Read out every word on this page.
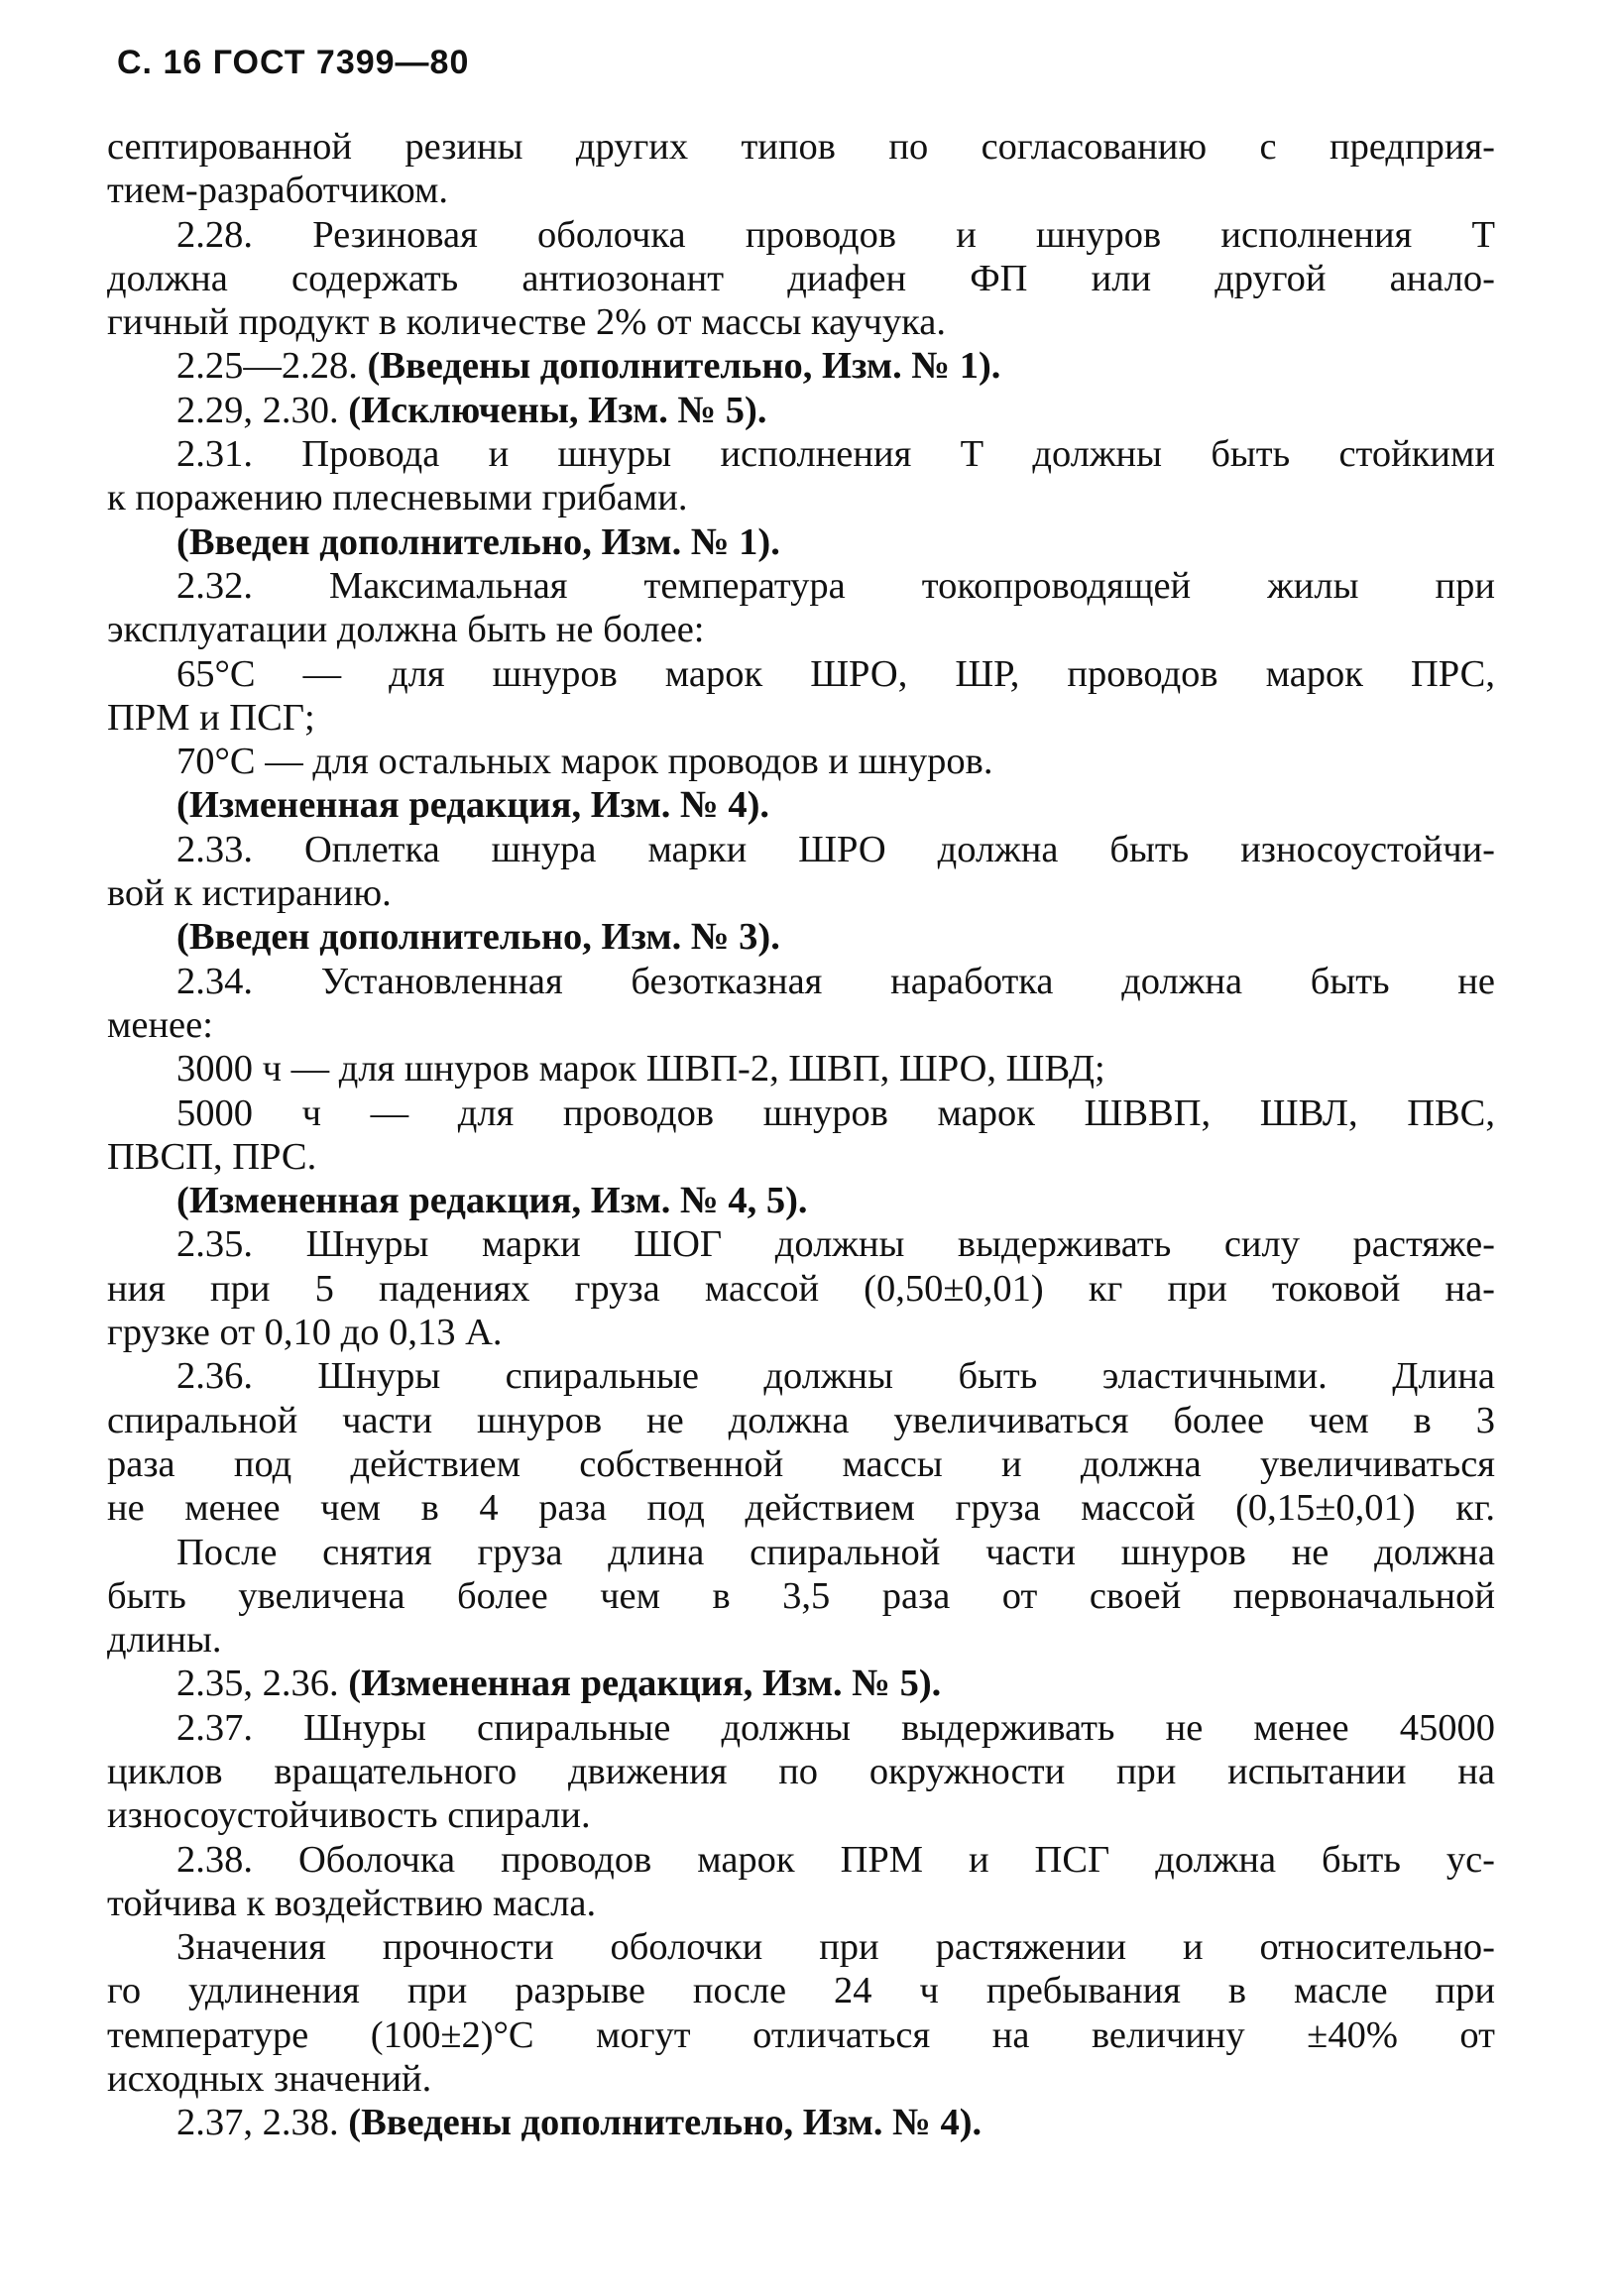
С. 16 ГОСТ 7399—80
септированной резины других типов по согласованию с предприя-
тием-разработчиком.
2.28. Резиновая оболочка проводов и шнуров исполнения Т
должна содержать антиозонант диафен ФП или другой анало-
гичный продукт в количестве 2% от массы каучука.
2.25—2.28. (Введены дополнительно, Изм. № 1).
2.29, 2.30. (Исключены, Изм. № 5).
2.31. Провода и шнуры исполнения Т должны быть стойкими
к поражению плесневыми грибами.
(Введен дополнительно, Изм. № 1).
2.32. Максимальная температура токопроводящей жилы при
эксплуатации должна быть не более:
65°С — для шнуров марок ШРО, ШР, проводов марок ПРС,
ПРМ и ПСГ;
70°С — для остальных марок проводов и шнуров.
(Измененная редакция, Изм. № 4).
2.33. Оплетка шнура марки ШРО должна быть износоустойчи-
вой к истиранию.
(Введен дополнительно, Изм. № 3).
2.34. Установленная безотказная наработка должна быть не
менее:
3000 ч — для шнуров марок ШВП-2, ШВП, ШРО, ШВД;
5000 ч — для проводов шнуров марок ШВВП, ШВЛ, ПВС,
ПВСП, ПРС.
(Измененная редакция, Изм. № 4, 5).
2.35. Шнуры марки ШОГ должны выдерживать силу растяже-
ния при 5 падениях груза массой (0,50±0,01) кг при токовой на-
грузке от 0,10 до 0,13 А.
2.36. Шнуры спиральные должны быть эластичными. Длина
спиральной части шнуров не должна увеличиваться более чем в 3
раза под действием собственной массы и должна увеличиваться
не менее чем в 4 раза под действием груза массой (0,15±0,01) кг.
После снятия груза длина спиральной части шнуров не должна
быть увеличена более чем в 3,5 раза от своей первоначальной
длины.
2.35, 2.36. (Измененная редакция, Изм. № 5).
2.37. Шнуры спиральные должны выдерживать не менее 45000
циклов вращательного движения по окружности при испытании на
износоустойчивость спирали.
2.38. Оболочка проводов марок ПРМ и ПСГ должна быть ус-
тойчива к воздействию масла.
Значения прочности оболочки при растяжении и относительно-
го удлинения при разрыве после 24 ч пребывания в масле при
температуре (100±2)°С могут отличаться на величину ±40% от
исходных значений.
2.37, 2.38. (Введены дополнительно, Изм. № 4).
